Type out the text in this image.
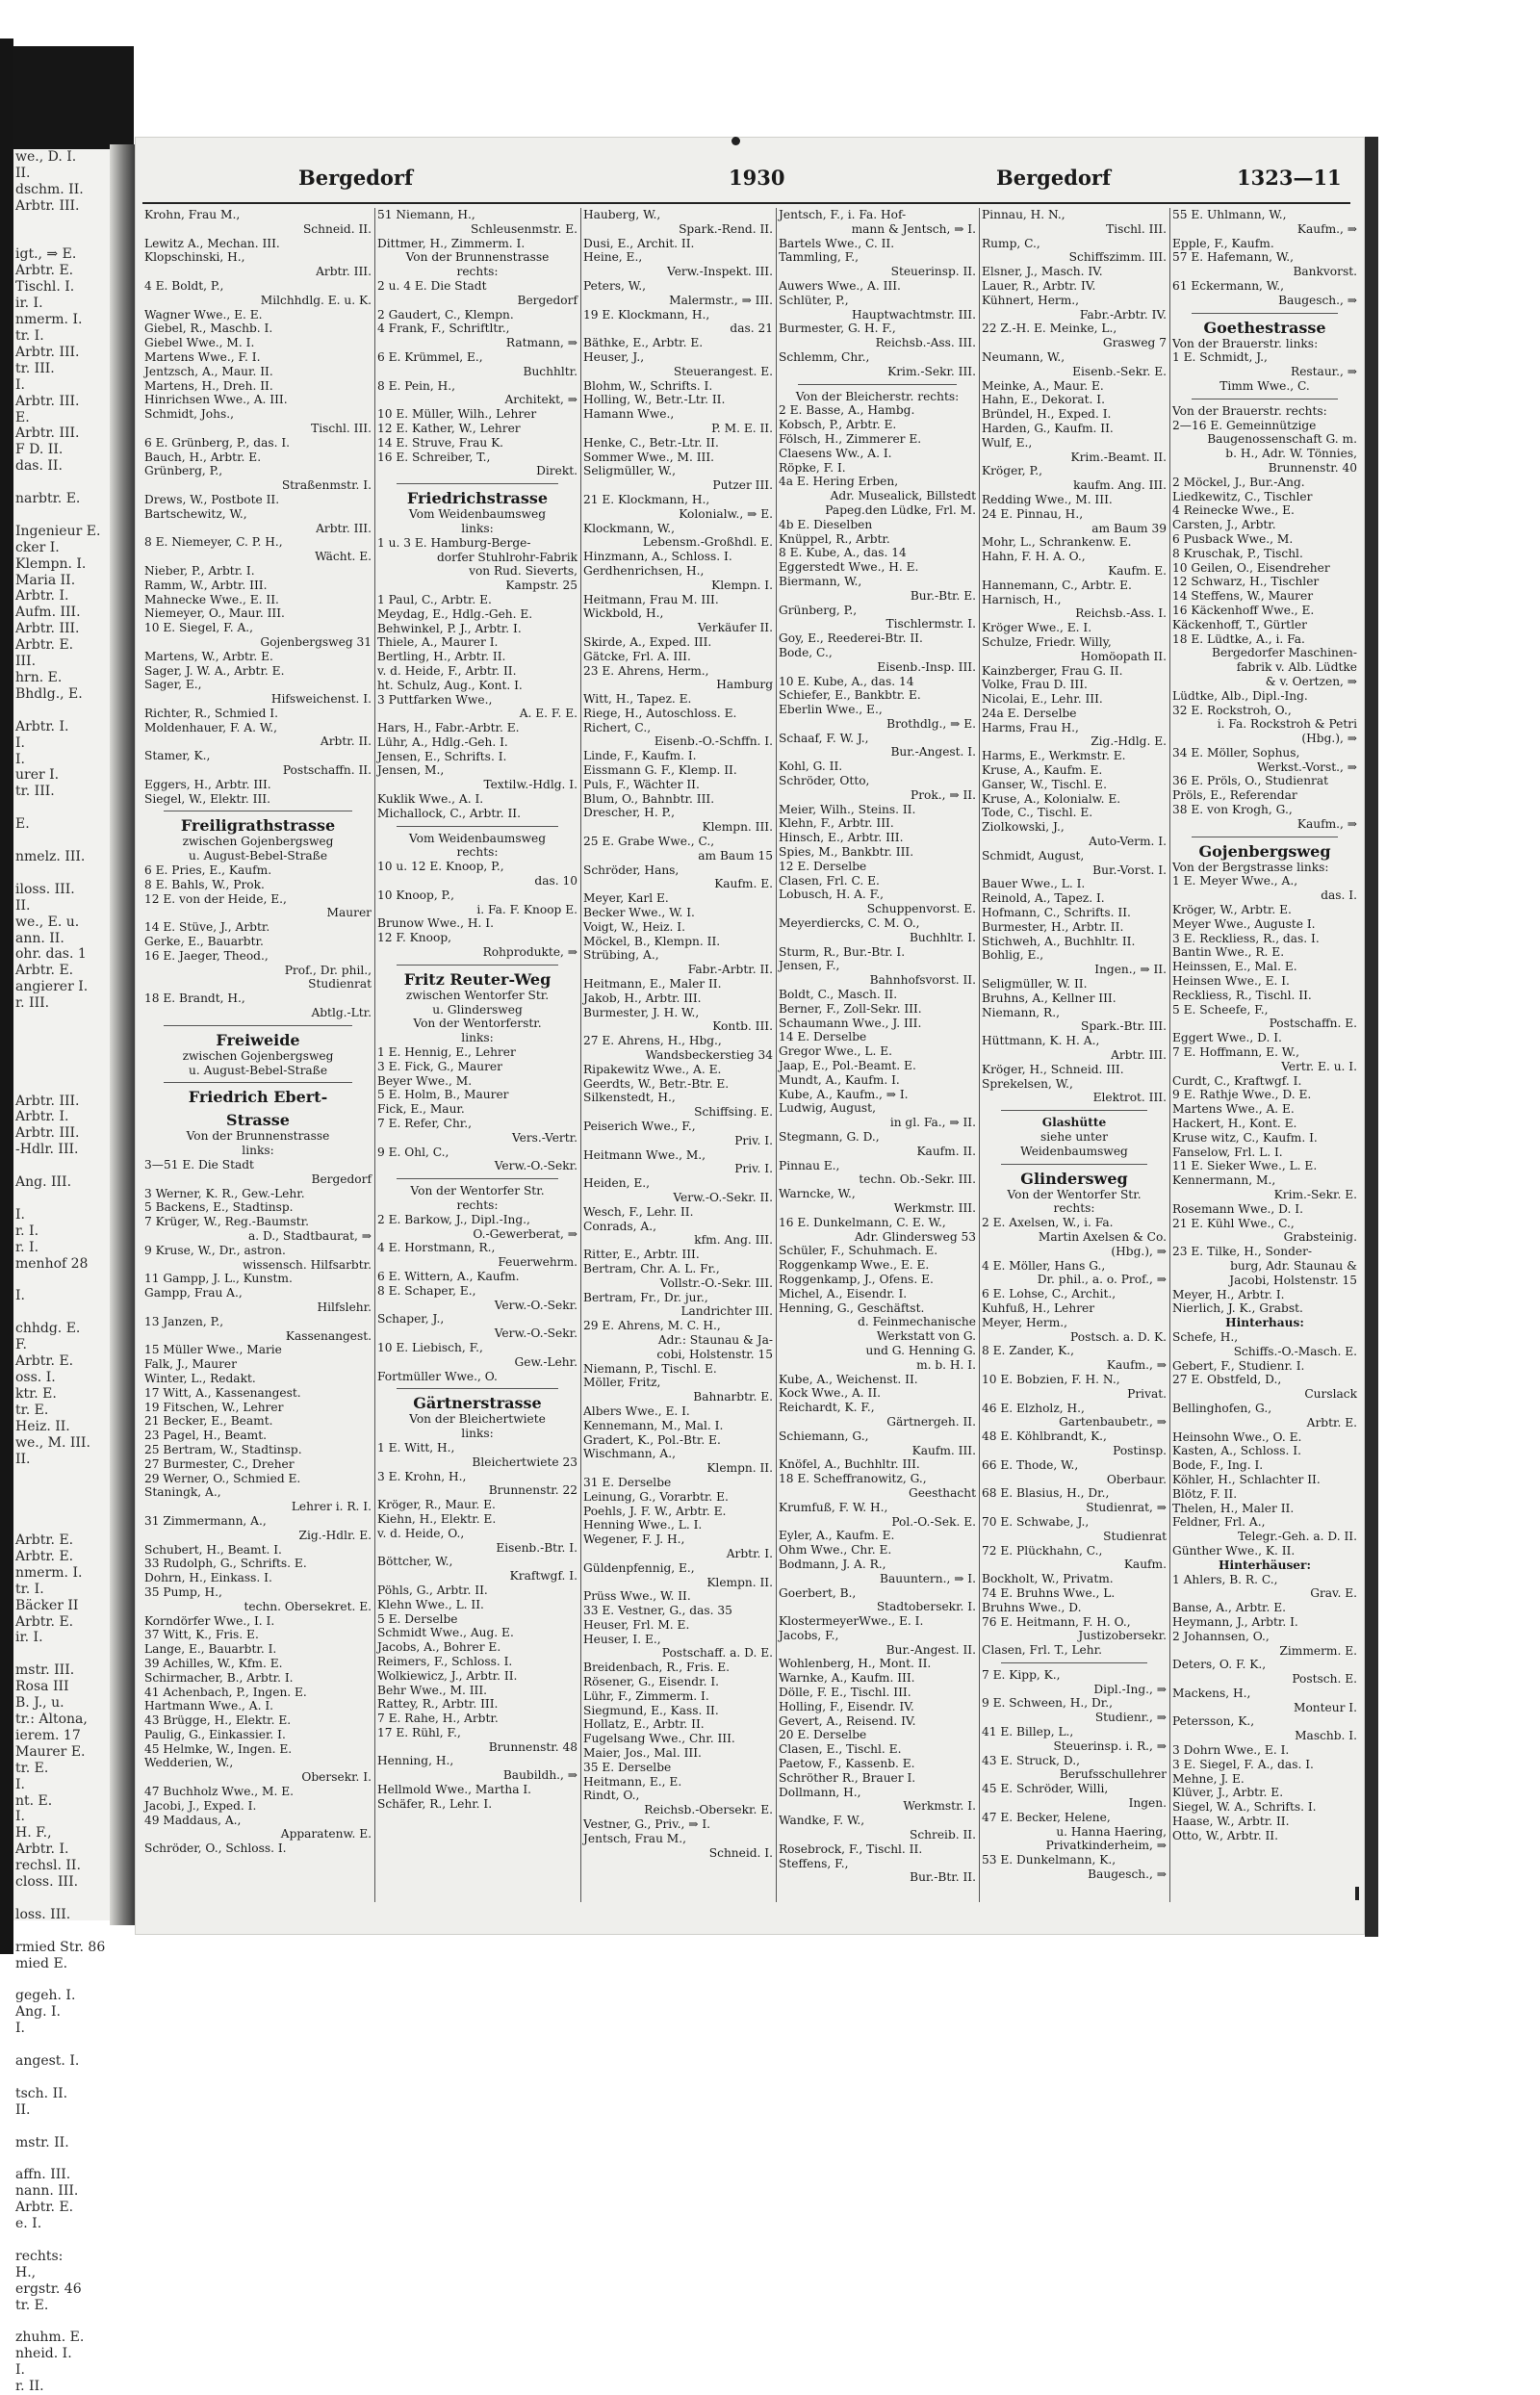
we., D. I.
II.
dschm. II.
Arbtr. III.

igt., ⇒ E.
Arbtr. E.
Tischl. I.
ir. I.
nmerm. I.
tr. I.
Arbtr. III.
tr. III.
I.
Arbtr. III.
E.
Arbtr. III.
F D. II.
das. II.

narbtr. E.

Ingenieur E.
cker I.
Klempn. I.
Maria II.
Arbtr. I.
Aufm. III.
Arbtr. III.
Arbtr. E.
III.
hrn. E.
Bhdlg., E.

Arbtr. I.
I.
I.
urer I.
tr. III.

E.

nmelz. III.

iloss. III.
II.
we., E. u.
ann. II.
ohr. das. 1
Arbtr. E.
angierer I.
r. III.

Arbtr. III.
Arbtr. I.
Arbtr. III.
-Hdlr. III.

Ang. III.

I.
r. I.
r. I.
menhof 28

I.

chhdg. E.
F.
Arbtr. E.
oss. I.
ktr. E.
tr. E.
Heiz. II.
we., M. III.
II.

Arbtr. E.
Arbtr. E.
nmerm. I.
tr. I.
Bäcker II
Arbtr. E.
ir. I.

mstr. III.
Rosa III
B. J., u.
tr.: Altona,
ierem. 17
Maurer E.
tr. E.
I.
nt. E.
I.
H. F.,
Arbtr. I.
rechsl. II.
closs. III.

loss. III.

rmied Str. 86
mied E.

gegeh. I.
Ang. I.
I.

angest. I.

tsch. II.
II.

mstr. II.

affn. III.
nann. III.
Arbtr. E.
e. I.

rechts:
H.,
ergstr. 46
tr. E.

zhuhm. E.
nheid. I.
I.
r. II.
Bergedorf	1930	Bergedorf	1323—11
Krohn, Frau M.,
Schneid. II.
Lewitz A., Mechan. III.
Klopschinski, H.,
Arbtr. III.
4 E. Boldt, P.,
Milchhdlg. E. u. K.
Wagner Wwe., E. E.
Giebel, R., Maschb. I.
Giebel Wwe., M. I.
Martens Wwe., F. I.
Jentzsch, A., Maur. II.
Martens, H., Dreh. II.
Hinrichsen Wwe., A. III.
Schmidt, Johs.,
Tischl. III.
6 E. Grünberg, P., das. I.
Bauch, H., Arbtr. E.
Grünberg, P.,
Straßenmstr. I.
Drews, W., Postbote II.
Bartschewitz, W.,
Arbtr. III.
8 E. Niemeyer, C. P. H.,
Wächt. E.
Nieber, P., Arbtr. I.
Ramm, W., Arbtr. III.
Mahnecke Wwe., E. II.
Niemeyer, O., Maur. III.
10 E. Siegel, F. A.,
Gojenbergsweg 31
Martens, W., Arbtr. E.
Sager, J. W. A., Arbtr. E.
Sager, E.,
Hifsweichenst. I.
Richter, R., Schmied I.
Moldenhauer, F. A. W.,
Arbtr. II.
Stamer, K.,
Postschaffn. II.
Eggers, H., Arbtr. III.
Siegel, W., Elektr. III.
Freiligrathstrasse
zwischen Gojenbergsweg
u. August-Bebel-Straße
6 E. Pries, E., Kaufm.
8 E. Bahls, W., Prok.
12 E. von der Heide, E.,
Maurer
14 E. Stüve, J., Arbtr.
Gerke, E., Bauarbtr.
16 E. Jaeger, Theod.,
Prof., Dr. phil.,
Studienrat
18 E. Brandt, H.,
Abtlg.-Ltr.
Freiweide
zwischen Gojenbergsweg
u. August-Bebel-Straße
Friedrich Ebert-
Strasse
Von der Brunnenstrasse
links:
3—51 E. Die Stadt
Bergedorf
3 Werner, K. R., Gew.-Lehr.
5 Backens, E., Stadtinsp.
7 Krüger, W., Reg.-Baumstr.
a. D., Stadtbaurat, ⇒
9 Kruse, W., Dr., astron.
wissensch. Hilfsarbtr.
11 Gampp, J. L., Kunstm.
Gampp, Frau A.,
Hilfslehr.
13 Janzen, P.,
Kassenangest.
15 Müller Wwe., Marie
Falk, J., Maurer
Winter, L., Redakt.
17 Witt, A., Kassenangest.
19 Fitschen, W., Lehrer
21 Becker, E., Beamt.
23 Pagel, H., Beamt.
25 Bertram, W., Stadtinsp.
27 Burmester, C., Dreher
29 Werner, O., Schmied E.
Staningk, A.,
Lehrer i. R. I.
31 Zimmermann, A.,
Zig.-Hdlr. E.
Schubert, H., Beamt. I.
33 Rudolph, G., Schrifts. E.
Dohrn, H., Einkass. I.
35 Pump, H.,
techn. Obersekret. E.
Korndörfer Wwe., I. I.
37 Witt, K., Fris. E.
Lange, E., Bauarbtr. I.
39 Achilles, W., Kfm. E.
Schirmacher, B., Arbtr. I.
41 Achenbach, P., Ingen. E.
Hartmann Wwe., A. I.
43 Brügge, H., Elektr. E.
Paulig, G., Einkassier. I.
45 Helmke, W., Ingen. E.
Wedderien, W.,
Obersekr. I.
47 Buchholz Wwe., M. E.
Jacobi, J., Exped. I.
49 Maddaus, A.,
Apparatenw. E.
Schröder, O., Schloss. I.
51 Niemann, H.,
Schleusenmstr. E.
Dittmer, H., Zimmerm. I.
Von der Brunnenstrasse
rechts:
2 u. 4 E. Die Stadt
Bergedorf
2 Gaudert, C., Klempn.
4 Frank, F., Schriftltr.,
Ratmann, ⇒
6 E. Krümmel, E.,
Buchhltr.
8 E. Pein, H.,
Architekt, ⇒
10 E. Müller, Wilh., Lehrer
12 E. Kather, W., Lehrer
14 E. Struve, Frau K.
16 E. Schreiber, T.,
Direkt.
Friedrichstrasse
Vom Weidenbaumsweg
links:
1 u. 3 E. Hamburg-Berge-
dorfer Stuhlrohr-Fabrik
von Rud. Sieverts,
Kampstr. 25
1 Paul, C., Arbtr. E.
Meydag, E., Hdlg.-Geh. E.
Behwinkel, P. J., Arbtr. I.
Thiele, A., Maurer I.
Bertling, H., Arbtr. II.
v. d. Heide, F., Arbtr. II.
ht. Schulz, Aug., Kont. I.
3 Puttfarken Wwe.,
A. E. F. E.
Hars, H., Fabr.-Arbtr. E.
Lühr, A., Hdlg.-Geh. I.
Jensen, E., Schrifts. I.
Jensen, M.,
Textilw.-Hdlg. I.
Kuklik Wwe., A. I.
Michallock, C., Arbtr. II.
Vom Weidenbaumsweg
rechts:
10 u. 12 E. Knoop, P.,
das. 10
10 Knoop, P.,
i. Fa. F. Knoop E.
Brunow Wwe., H. I.
12 F. Knoop,
Rohprodukte, ⇒
Fritz Reuter-Weg
zwischen Wentorfer Str.
u. Glindersweg
Von der Wentorferstr.
links:
1 E. Hennig, E., Lehrer
3 E. Fick, G., Maurer
Beyer Wwe., M.
5 E. Holm, B., Maurer
Fick, E., Maur.
7 E. Refer, Chr.,
Vers.-Vertr.
9 E. Ohl, C.,
Verw.-O.-Sekr.
Von der Wentorfer Str.
rechts:
2 E. Barkow, J., Dipl.-Ing.,
O.-Gewerberat, ⇒
4 E. Horstmann, R.,
Feuerwehrm.
6 E. Wittern, A., Kaufm.
8 E. Schaper, E.,
Verw.-O.-Sekr.
Schaper, J.,
Verw.-O.-Sekr.
10 E. Liebisch, F.,
Gew.-Lehr.
Fortmüller Wwe., O.
Gärtnerstrasse
Von der Bleichertwiete
links:
1 E. Witt, H.,
Bleichertwiete 23
3 E. Krohn, H.,
Brunnenstr. 22
Kröger, R., Maur. E.
Kiehn, H., Elektr. E.
v. d. Heide, O.,
Eisenb.-Btr. I.
Böttcher, W.,
Kraftwgf. I.
Pöhls, G., Arbtr. II.
Klehn Wwe., L. II.
5 E. Derselbe
Schmidt Wwe., Aug. E.
Jacobs, A., Bohrer E.
Reimers, F., Schloss. I.
Wolkiewicz, J., Arbtr. II.
Behr Wwe., M. III.
Rattey, R., Arbtr. III.
7 E. Rahe, H., Arbtr.
17 E. Rühl, F.,
Brunnenstr. 48
Henning, H.,
Baubildh., ⇒
Hellmold Wwe., Martha I.
Schäfer, R., Lehr. I.
Hauberg, W.,
Spark.-Rend. II.
Dusi, E., Archit. II.
Heine, E.,
Verw.-Inspekt. III.
Peters, W.,
Malermstr., ⇒ III.
19 E. Klockmann, H.,
das. 21
Bäthke, E., Arbtr. E.
Heuser, J.,
Steuerangest. E.
Blohm, W., Schrifts. I.
Holling, W., Betr.-Ltr. II.
Hamann Wwe.,
P. M. E. II.
Henke, C., Betr.-Ltr. II.
Sommer Wwe., M. III.
Seligmüller, W.,
Putzer III.
21 E. Klockmann, H.,
Kolonialw., ⇒ E.
Klockmann, W.,
Lebensm.-Großhdl. E.
Hinzmann, A., Schloss. I.
Gerdhenrichsen, H.,
Klempn. I.
Heitmann, Frau M. III.
Wickbold, H.,
Verkäufer II.
Skirde, A., Exped. III.
Gätcke, Frl. A. III.
23 E. Ahrens, Herm.,
Hamburg
Witt, H., Tapez. E.
Riege, H., Autoschloss. E.
Richert, C.,
Eisenb.-O.-Schffn. I.
Linde, F., Kaufm. I.
Eissmann G. F., Klemp. II.
Puls, F., Wächter II.
Blum, O., Bahnbtr. III.
Drescher, H. P.,
Klempn. III.
25 E. Grabe Wwe., C.,
am Baum 15
Schröder, Hans,
Kaufm. E.
Meyer, Karl E.
Becker Wwe., W. I.
Voigt, W., Heiz. I.
Möckel, B., Klempn. II.
Strübing, A.,
Fabr.-Arbtr. II.
Heitmann, E., Maler II.
Jakob, H., Arbtr. III.
Burmester, J. H. W.,
Kontb. III.
27 E. Ahrens, H., Hbg.,
Wandsbeckerstieg 34
Ripakewitz Wwe., A. E.
Geerdts, W., Betr.-Btr. E.
Silkenstedt, H.,
Schiffsing. E.
Peiserich Wwe., F.,
Priv. I.
Heitmann Wwe., M.,
Priv. I.
Heiden, E.,
Verw.-O.-Sekr. II.
Wesch, F., Lehr. II.
Conrads, A.,
kfm. Ang. III.
Ritter, E., Arbtr. III.
Bertram, Chr. A. L. Fr.,
Vollstr.-O.-Sekr. III.
Bertram, Fr., Dr. jur.,
Landrichter III.
29 E. Ahrens, M. C. H.,
Adr.: Staunau & Ja-
cobi, Holstenstr. 15
Niemann, P., Tischl. E.
Möller, Fritz,
Bahnarbtr. E.
Albers Wwe., E. I.
Kennemann, M., Mal. I.
Gradert, K., Pol.-Btr. E.
Wischmann, A.,
Klempn. II.
31 E. Derselbe
Leinung, G., Vorarbtr. E.
Poehls, J. F. W., Arbtr. E.
Henning Wwe., L. I.
Wegener, F. J. H.,
Arbtr. I.
Güldenpfennig, E.,
Klempn. II.
Prüss Wwe., W. II.
33 E. Vestner, G., das. 35
Heuser, Frl. M. E.
Heuser, I. E.,
Postschaff. a. D. E.
Breidenbach, R., Fris. E.
Rösener, G., Eisendr. I.
Lühr, F., Zimmerm. I.
Siegmund, E., Kass. II.
Hollatz, E., Arbtr. II.
Fugelsang Wwe., Chr. III.
Maier, Jos., Mal. III.
35 E. Derselbe
Heitmann, E., E.
Rindt, O.,
Reichsb.-Obersekr. E.
Vestner, G., Priv., ⇒ I.
Jentsch, Frau M.,
Schneid. I.
Jentsch, F., i. Fa. Hof-
mann & Jentsch, ⇒ I.
Bartels Wwe., C. II.
Tammling, F.,
Steuerinsp. II.
Auwers Wwe., A. III.
Schlüter, P.,
Hauptwachtmstr. III.
Burmester, G. H. F.,
Reichsb.-Ass. III.
Schlemm, Chr.,
Krim.-Sekr. III.
Von der Bleicherstr. rechts:
2 E. Basse, A., Hambg.
Kobsch, P., Arbtr. E.
Fölsch, H., Zimmerer E.
Claesens Ww., A. I.
Röpke, F. I.
4a E. Hering Erben,
Adr. Musealick, Billstedt
Papeg.den Lüdke, Frl. M.
4b E. Dieselben
Knüppel, R., Arbtr.
8 E. Kube, A., das. 14
Eggerstedt Wwe., H. E.
Biermann, W.,
Bur.-Btr. E.
Grünberg, P.,
Tischlermstr. I.
Goy, E., Reederei-Btr. II.
Bode, C.,
Eisenb.-Insp. III.
10 E. Kube, A., das. 14
Schiefer, E., Bankbtr. E.
Eberlin Wwe., E.,
Brothdlg., ⇒ E.
Schaaf, F. W. J.,
Bur.-Angest. I.
Kohl, G. II.
Schröder, Otto,
Prok., ⇒ II.
Meier, Wilh., Steins. II.
Klehn, F., Arbtr. III.
Hinsch, E., Arbtr. III.
Spies, M., Bankbtr. III.
12 E. Derselbe
Clasen, Frl. C. E.
Lobusch, H. A. F.,
Schuppenvorst. E.
Meyerdiercks, C. M. O.,
Buchhltr. I.
Sturm, R., Bur.-Btr. I.
Jensen, F.,
Bahnhofsvorst. II.
Boldt, C., Masch. II.
Berner, F., Zoll-Sekr. III.
Schaumann Wwe., J. III.
14 E. Derselbe
Gregor Wwe., L. E.
Jaap, E., Pol.-Beamt. E.
Mundt, A., Kaufm. I.
Kube, A., Kaufm., ⇒ I.
Ludwig, August,
in gl. Fa., ⇒ II.
Stegmann, G. D.,
Kaufm. II.
Pinnau E.,
techn. Ob.-Sekr. III.
Warncke, W.,
Werkmstr. III.
16 E. Dunkelmann, C. E. W.,
Adr. Glindersweg 53
Schüler, F., Schuhmach. E.
Roggenkamp Wwe., E. E.
Roggenkamp, J., Ofens. E.
Michel, A., Eisendr. I.
Henning, G., Geschäftst.
d. Feinmechanische
Werkstatt von G.
und G. Henning G.
m. b. H. I.
Kube, A., Weichenst. II.
Kock Wwe., A. II.
Reichardt, K. F.,
Gärtnergeh. II.
Schiemann, G.,
Kaufm. III.
Knöfel, A., Buchhltr. III.
18 E. Scheffranowitz, G.,
Geesthacht
Krumfuß, F. W. H.,
Pol.-O.-Sek. E.
Eyler, A., Kaufm. E.
Ohm Wwe., Chr. E.
Bodmann, J. A. R.,
Bauuntern., ⇒ I.
Goerbert, B.,
Stadtobersekr. I.
KlostermeyerWwe., E. I.
Jacobs, F.,
Bur.-Angest. II.
Wohlenberg, H., Mont. II.
Warnke, A., Kaufm. III.
Dölle, F. E., Tischl. III.
Holling, F., Eisendr. IV.
Gevert, A., Reisend. IV.
20 E. Derselbe
Clasen, E., Tischl. E.
Paetow, F., Kassenb. E.
Schröther R., Brauer I.
Dollmann, H.,
Werkmstr. I.
Wandke, F. W.,
Schreib. II.
Rosebrock, F., Tischl. II.
Steffens, F.,
Bur.-Btr. II.
Pinnau, H. N.,
Tischl. III.
Rump, C.,
Schiffszimm. III.
Elsner, J., Masch. IV.
Lauer, R., Arbtr. IV.
Kühnert, Herm.,
Fabr.-Arbtr. IV.
22 Z.-H. E. Meinke, L.,
Grasweg 7
Neumann, W.,
Eisenb.-Sekr. E.
Meinke, A., Maur. E.
Hahn, E., Dekorat. I.
Bründel, H., Exped. I.
Harden, G., Kaufm. II.
Wulf, E.,
Krim.-Beamt. II.
Kröger, P.,
kaufm. Ang. III.
Redding Wwe., M. III.
24 E. Pinnau, H.,
am Baum 39
Mohr, L., Schrankenw. E.
Hahn, F. H. A. O.,
Kaufm. E.
Hannemann, C., Arbtr. E.
Harnisch, H.,
Reichsb.-Ass. I.
Kröger Wwe., E. I.
Schulze, Friedr. Willy,
Homöopath II.
Kainzberger, Frau G. II.
Volke, Frau D. III.
Nicolai, E., Lehr. III.
24a E. Derselbe
Harms, Frau H.,
Zig.-Hdlg. E.
Harms, E., Werkmstr. E.
Kruse, A., Kaufm. E.
Ganser, W., Tischl. E.
Kruse, A., Kolonialw. E.
Tode, C., Tischl. E.
Ziolkowski, J.,
Auto-Verm. I.
Schmidt, August,
Bur.-Vorst. I.
Bauer Wwe., L. I.
Reinold, A., Tapez. I.
Hofmann, C., Schrifts. II.
Burmester, H., Arbtr. II.
Stichweh, A., Buchhltr. II.
Bohlig, E.,
Ingen., ⇒ II.
Seligmüller, W. II.
Bruhns, A., Kellner III.
Niemann, R.,
Spark.-Btr. III.
Hüttmann, K. H. A.,
Arbtr. III.
Kröger, H., Schneid. III.
Sprekelsen, W.,
Elektrot. III.
Glashütte
siehe unter
Weidenbaumsweg
Glindersweg
Von der Wentorfer Str.
rechts:
2 E. Axelsen, W., i. Fa.
Martin Axelsen & Co.
(Hbg.), ⇒
4 E. Möller, Hans G.,
Dr. phil., a. o. Prof., ⇒
6 E. Lohse, C., Archit.,
Kuhfuß, H., Lehrer
Meyer, Herm.,
Postsch. a. D. K.
8 E. Zander, K.,
Kaufm., ⇒
10 E. Bobzien, F. H. N.,
Privat.
46 E. Elzholz, H.,
Gartenbaubetr., ⇒
48 E. Köhlbrandt, K.,
Postinsp.
66 E. Thode, W.,
Oberbaur.
68 E. Blasius, H., Dr.,
Studienrat, ⇒
70 E. Schwabe, J.,
Studienrat
72 E. Plückhahn, C.,
Kaufm.
Bockholt, W., Privatm.
74 E. Bruhns Wwe., L.
Bruhns Wwe., D.
76 E. Heitmann, F. H. O.,
Justizobersekr.
Clasen, Frl. T., Lehr.
7 E. Kipp, K.,
Dipl.-Ing., ⇒
9 E. Schween, H., Dr.,
Studienr., ⇒
41 E. Billep, L.,
Steuerinsp. i. R., ⇒
43 E. Struck, D.,
Berufsschullehrer
45 E. Schröder, Willi,
Ingen.
47 E. Becker, Helene,
u. Hanna Haering,
Privatkinderheim, ⇒
53 E. Dunkelmann, K.,
Baugesch., ⇒
55 E. Uhlmann, W.,
Kaufm., ⇒
Epple, F., Kaufm.
57 E. Hafemann, W.,
Bankvorst.
61 Eckermann, W.,
Baugesch., ⇒
Goethestrasse
Von der Brauerstr. links:
1 E. Schmidt, J.,
Restaur., ⇒
Timm Wwe., C.
Von der Brauerstr. rechts:
2—16 E. Gemeinnützige
Baugenossenschaft G. m.
b. H., Adr. W. Tönnies,
Brunnenstr. 40
2 Möckel, J., Bur.-Ang.
Liedkewitz, C., Tischler
4 Reinecke Wwe., E.
Carsten, J., Arbtr.
6 Pusback Wwe., M.
8 Kruschak, P., Tischl.
10 Geilen, O., Eisendreher
12 Schwarz, H., Tischler
14 Steffens, W., Maurer
16 Käckenhoff Wwe., E.
Käckenhoff, T., Gürtler
18 E. Lüdtke, A., i. Fa.
Bergedorfer Maschinen-
fabrik v. Alb. Lüdtke
& v. Oertzen, ⇒
Lüdtke, Alb., Dipl.-Ing.
32 E. Rockstroh, O.,
i. Fa. Rockstroh & Petri
(Hbg.), ⇒
34 E. Möller, Sophus,
Werkst.-Vorst., ⇒
36 E. Pröls, O., Studienrat
Pröls, E., Referendar
38 E. von Krogh, G.,
Kaufm., ⇒
Gojenbergsweg
Von der Bergstrasse links:
1 E. Meyer Wwe., A.,
das. I.
Kröger, W., Arbtr. E.
Meyer Wwe., Auguste I.
3 E. Reckliess, R., das. I.
Bantin Wwe., R. E.
Heinssen, E., Mal. E.
Heinsen Wwe., E. I.
Reckliess, R., Tischl. II.
5 E. Scheefe, F.,
Postschaffn. E.
Eggert Wwe., D. I.
7 E. Hoffmann, E. W.,
Vertr. E. u. I.
Curdt, C., Kraftwgf. I.
9 E. Rathje Wwe., D. E.
Martens Wwe., A. E.
Hackert, H., Kont. E.
Kruse witz, C., Kaufm. I.
Fanselow, Frl. L. I.
11 E. Sieker Wwe., L. E.
Kennermann, M.,
Krim.-Sekr. E.
Rosemann Wwe., D. I.
21 E. Kühl Wwe., C.,
Grabsteinig.
23 E. Tilke, H., Sonder-
burg, Adr. Staunau &
Jacobi, Holstenstr. 15
Meyer, H., Arbtr. I.
Nierlich, J. K., Grabst.
Hinterhaus:
Schefe, H.,
Schiffs.-O.-Masch. E.
Gebert, F., Studienr. I.
27 E. Obstfeld, D.,
Curslack
Bellinghofen, G.,
Arbtr. E.
Heinsohn Wwe., O. E.
Kasten, A., Schloss. I.
Bode, F., Ing. I.
Köhler, H., Schlachter II.
Blötz, F. II.
Thelen, H., Maler II.
Feldner, Frl. A.,
Telegr.-Geh. a. D. II.
Günther Wwe., K. II.
Hinterhäuser:
1 Ahlers, B. R. C.,
Grav. E.
Banse, A., Arbtr. E.
Heymann, J., Arbtr. I.
2 Johannsen, O.,
Zimmerm. E.
Deters, O. F. K.,
Postsch. E.
Mackens, H.,
Monteur I.
Petersson, K.,
Maschb. I.
3 Dohrn Wwe., E. I.
3 E. Siegel, F. A., das. I.
Mehne, J. E.
Klüver, J., Arbtr. E.
Siegel, W. A., Schrifts. I.
Haase, W., Arbtr. II.
Otto, W., Arbtr. II.
